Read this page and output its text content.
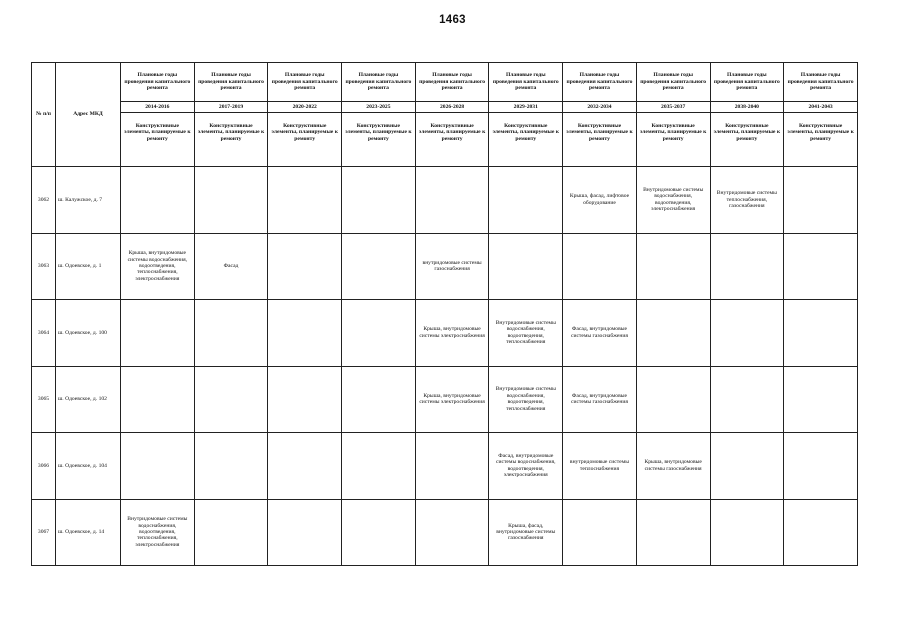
1463
№ п/п	Адрес МКД	Плановые годы проведения капитального ремонта	Плановые годы проведения капитального ремонта	Плановые годы проведения капитального ремонта	Плановые годы проведения капитального ремонта	Плановые годы проведения капитального ремонта	Плановые годы проведения капитального ремонта	Плановые годы проведения капитального ремонта	Плановые годы проведения капитального ремонта	Плановые годы проведения капитального ремонта	Плановые годы проведения капитального ремонта
		2014-2016	2017-2019	2020-2022	2023-2025	2026-2028	2029-2031	2032-2034	2035-2037	2038-2040	2041-2043
		Конструктивные элементы, планируемые к ремонту	Конструктивные элементы, планируемые к ремонту	Конструктивные элементы, планируемые к ремонту	Конструктивные элементы, планируемые к ремонту	Конструктивные элементы, планируемые к ремонту	Конструктивные элементы, планируемые к ремонту	Конструктивные элементы, планируемые к ремонту	Конструктивные элементы, планируемые к ремонту	Конструктивные элементы, планируемые к ремонту	Конструктивные элементы, планируемые к ремонту
3062	ш. Калужское, д. 7							Крыша, фасад, лифтовое оборудование	Внутридомовые системы водоснабжения, водоотведения, электроснабжения	Внутридомовые системы теплоснабжения, газоснабжения	
3063	ш. Одоевское, д. 1	Крыша, внутридомовые системы водоснабжения, водоотведения, теплоснабжения, электроснабжения	Фасад			внутридомовые системы газоснабжения					
3064	ш. Одоевское, д. 100					Крыша, внутридомовые системы электроснабжения	Внутридомовые системы водоснабжения, водоотведения, теплоснабжения	Фасад, внутридомовые системы газоснабжения			
3065	ш. Одоевское, д. 102					Крыша, внутридомовые системы электроснабжения	Внутридомовые системы водоснабжения, водоотведения, теплоснабжения	Фасад, внутридомовые системы газоснабжения			
3066	ш. Одоевское, д. 104						Фасад, внутридомовые системы водоснабжения, водоотведения, электроснабжения	внутридомовые системы теплоснабжения	Крыша, внутридомовые системы газоснабжения		
3067	ш. Одоевское, д. 14	Внутридомовые системы водоснабжения, водоотведения, теплоснабжения, электроснабжения					Крыша, фасад, внутридомовые системы газоснабжения				
